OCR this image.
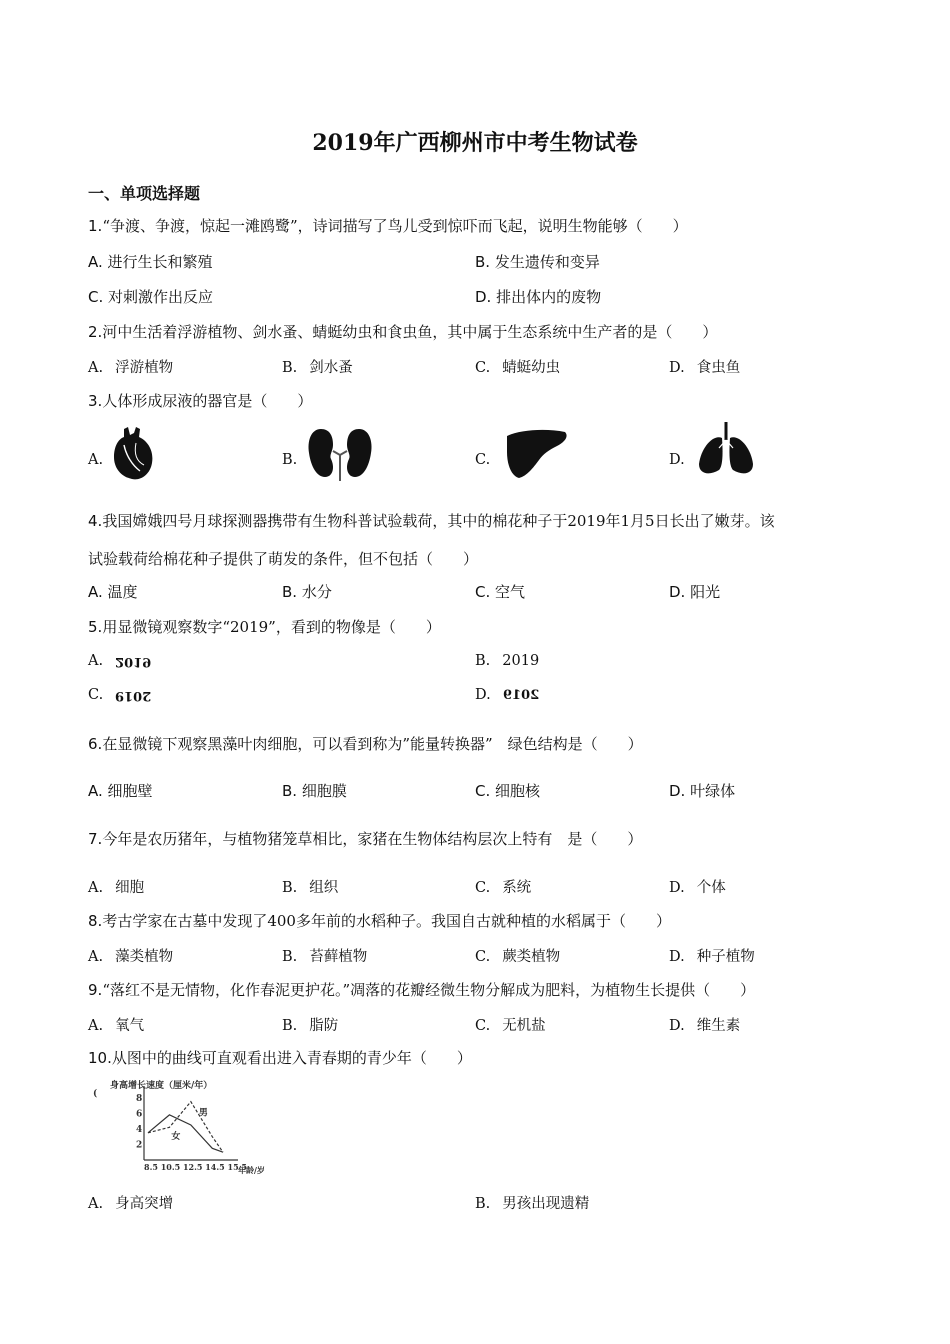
2019年广西柳州市中考生物试卷
一、单项选择题
1.“争渡、争渡，惊起一滩鸥鹭”，诗词描写了鸟儿受到惊吓而飞起，说明生物能够（　　）
A. 进行生长和繁殖	B. 发生遗传和变异
C. 对刺激作出反应	D. 排出体内的废物
2.河中生活着浮游植物、剑水蚤、蜻蜓幼虫和食虫鱼，其中属于生态系统中生产者的是（　　）
A. 浮游植物	B. 剑水蚤	C. 蜻蜓幼虫	D. 食虫鱼
3.人体形成尿液的器官是（　　）
A.	B.	C.	D.
4.我国嫦娥四号月球探测器携带有生物科普试验载荷，其中的棉花种子于2019年1月5日长出了嫩芽。该
试验载荷给棉花种子提供了萌发的条件，但不包括（　　）
A. 温度	B. 水分	C. 空气	D. 阳光
5.用显微镜观察数字“2019”，看到的物像是（　　）
A. 2019	B. 2019
C. 2019	D. 2019
6.在显微镜下观察黑藻叶肉细胞，可以看到称为”能量转换器”　绿色结构是（　　）
A. 细胞壁	B. 细胞膜	C. 细胞核	D. 叶绿体
7.今年是农历猪年，与植物猪笼草相比，家猪在生物体结构层次上特有　是（　　）
A. 细胞	B. 组织	C. 系统	D. 个体
8.考古学家在古墓中发现了400多年前的水稻种子。我国自古就种植的水稻属于（　　）
A. 藻类植物	B. 苔藓植物	C. 蕨类植物	D. 种子植物
9.“落红不是无情物，化作春泥更护花。”凋落的花瓣经微生物分解成为肥料，为植物生长提供（　　）
A. 氧气	B. 脂防	C. 无机盐	D. 维生素
10.从图中的曲线可直观看出进入青春期的青少年（　　）
(
身高增长速度（厘米/年）
8
6
4
2
男
女
8.5 10.5 12.5 14.5 15.5
年龄/岁
A. 身高突增	B. 男孩出现遗精
